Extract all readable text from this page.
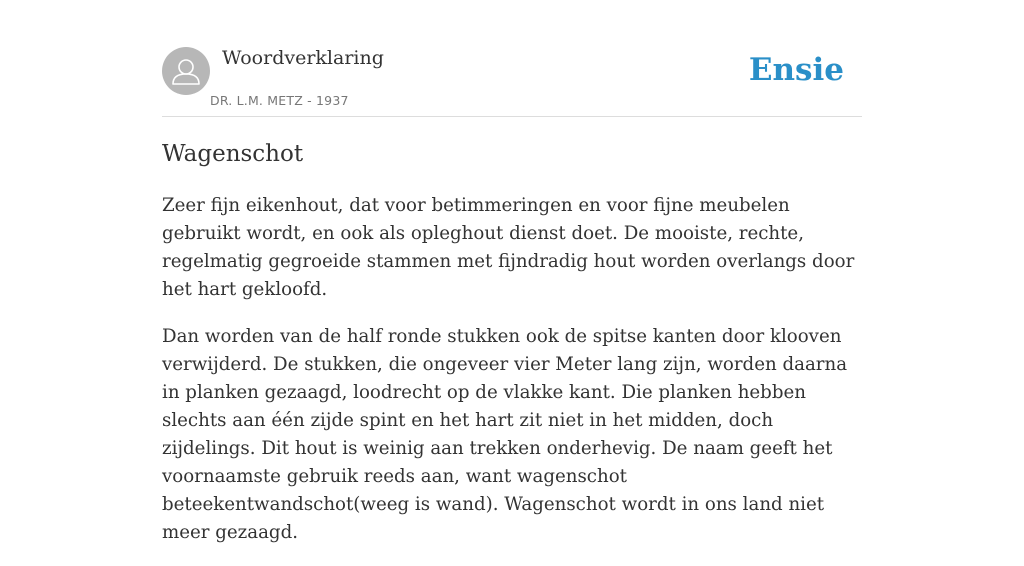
Woordverklaring
DR. L.M. METZ - 1937
Ensie
Wagenschot

Zeer fijn eikenhout, dat voor betimmeringen en voor fijne meubelen gebruikt wordt, en ook als opleghout dienst doet. De mooiste, rechte, regelmatig gegroeide stammen met fijndradig hout worden overlangs door het hart gekloofd.

Dan worden van de half ronde stukken ook de spitse kanten door klooven verwijderd. De stukken, die ongeveer vier Meter lang zijn, worden daarna in planken gezaagd, loodrecht op de vlakke kant. Die planken hebben slechts aan één zijde spint en het hart zit niet in het midden, doch zijdelings. Dit hout is weinig aan trekken onderhevig. De naam geeft het voornaamste gebruik reeds aan, want wagenschot beteekentwandschot(weeg is wand). Wagenschot wordt in ons land niet meer gezaagd.
